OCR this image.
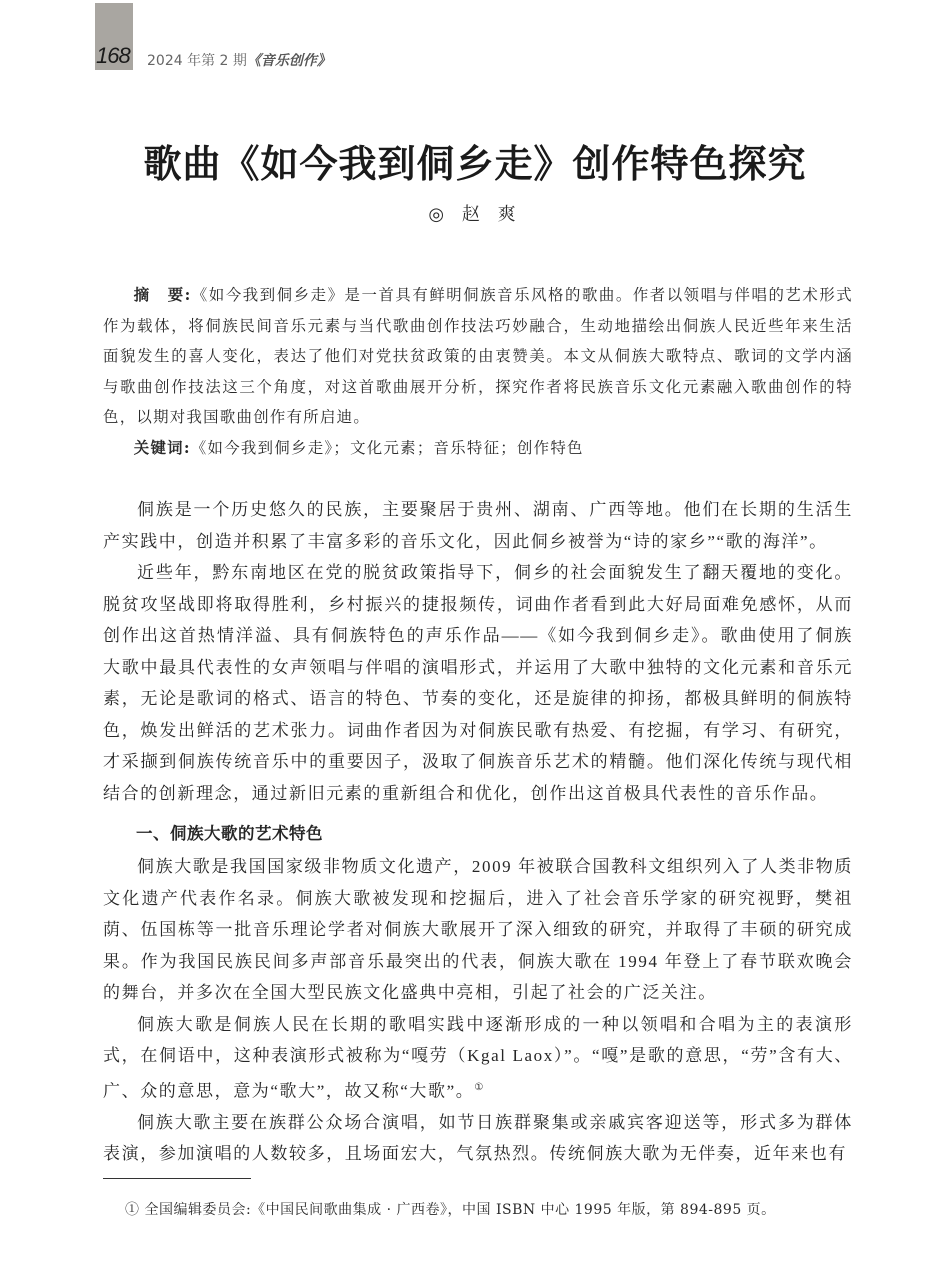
168 2024 年第 2 期《音乐创作》
歌曲《如今我到侗乡走》创作特色探究
◎ 赵 爽

摘　要:《如今我到侗乡走》是一首具有鲜明侗族音乐风格的歌曲。作者以领唱与伴唱的艺术形式作为载体，将侗族民间音乐元素与当代歌曲创作技法巧妙融合，生动地描绘出侗族人民近些年来生活面貌发生的喜人变化，表达了他们对党扶贫政策的由衷赞美。本文从侗族大歌特点、歌词的文学内涵与歌曲创作技法这三个角度，对这首歌曲展开分析，探究作者将民族音乐文化元素融入歌曲创作的特色，以期对我国歌曲创作有所启迪。

关键词:《如今我到侗乡走》；文化元素；音乐特征；创作特色

侗族是一个历史悠久的民族，主要聚居于贵州、湖南、广西等地。他们在长期的生活生产实践中，创造并积累了丰富多彩的音乐文化，因此侗乡被誉为“诗的家乡”“歌的海洋”。

近些年，黔东南地区在党的脱贫政策指导下，侗乡的社会面貌发生了翻天覆地的变化。脱贫攻坚战即将取得胜利，乡村振兴的捷报频传，词曲作者看到此大好局面难免感怀，从而创作出这首热情洋溢、具有侗族特色的声乐作品——《如今我到侗乡走》。歌曲使用了侗族大歌中最具代表性的女声领唱与伴唱的演唱形式，并运用了大歌中独特的文化元素和音乐元素，无论是歌词的格式、语言的特色、节奏的变化，还是旋律的抑扬，都极具鲜明的侗族特色，焕发出鲜活的艺术张力。词曲作者因为对侗族民歌有热爱、有挖掘，有学习、有研究，才采撷到侗族传统音乐中的重要因子，汲取了侗族音乐艺术的精髓。他们深化传统与现代相结合的创新理念，通过新旧元素的重新组合和优化，创作出这首极具代表性的音乐作品。

一、侗族大歌的艺术特色

侗族大歌是我国国家级非物质文化遗产，2009 年被联合国教科文组织列入了人类非物质文化遗产代表作名录。侗族大歌被发现和挖掘后，进入了社会音乐学家的研究视野，樊祖荫、伍国栋等一批音乐理论学者对侗族大歌展开了深入细致的研究，并取得了丰硕的研究成果。作为我国民族民间多声部音乐最突出的代表，侗族大歌在 1994 年登上了春节联欢晚会的舞台，并多次在全国大型民族文化盛典中亮相，引起了社会的广泛关注。

侗族大歌是侗族人民在长期的歌唱实践中逐渐形成的一种以领唱和合唱为主的表演形式，在侗语中，这种表演形式被称为“嘎劳（Kgal Laox）”。“嘎”是歌的意思，“劳”含有大、广、众的意思，意为“歌大”，故又称“大歌”。①

侗族大歌主要在族群公众场合演唱，如节日族群聚集或亲戚宾客迎送等，形式多为群体表演，参加演唱的人数较多，且场面宏大，气氛热烈。传统侗族大歌为无伴奏，近年来也有

① 全国编辑委员会:《中国民间歌曲集成 · 广西卷》，中国 ISBN 中心 1995 年版，第 894-895 页。
